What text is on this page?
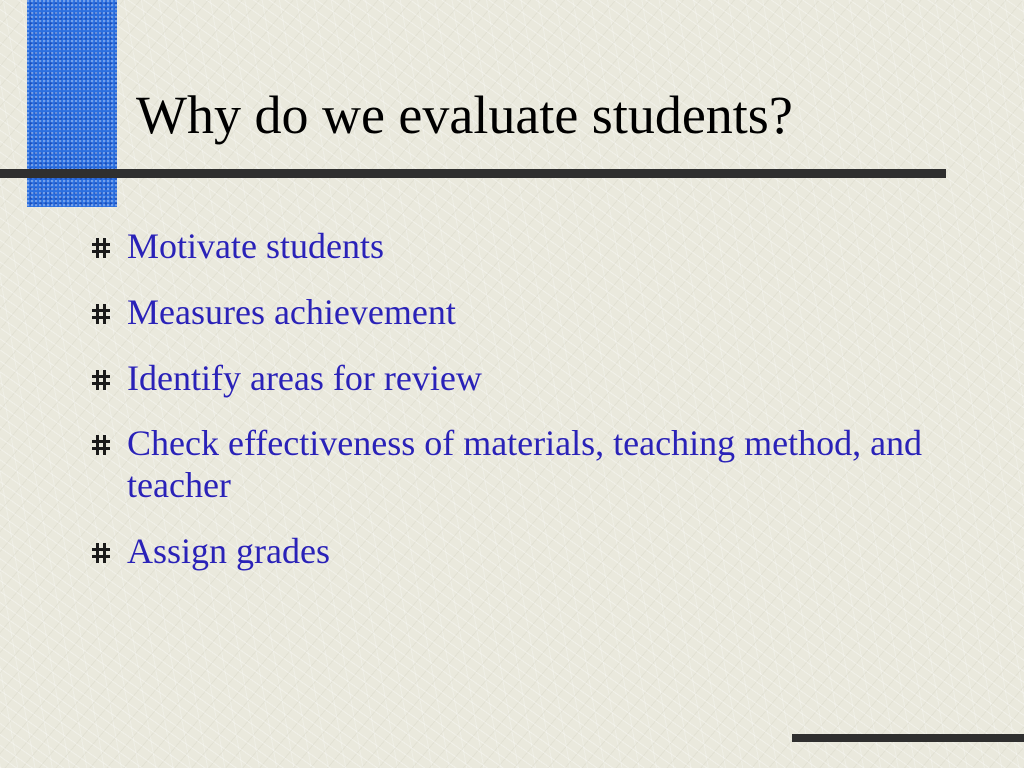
Why do we evaluate students?
Motivate students
Measures achievement
Identify areas for review
Check effectiveness of materials, teaching method, and teacher
Assign grades
